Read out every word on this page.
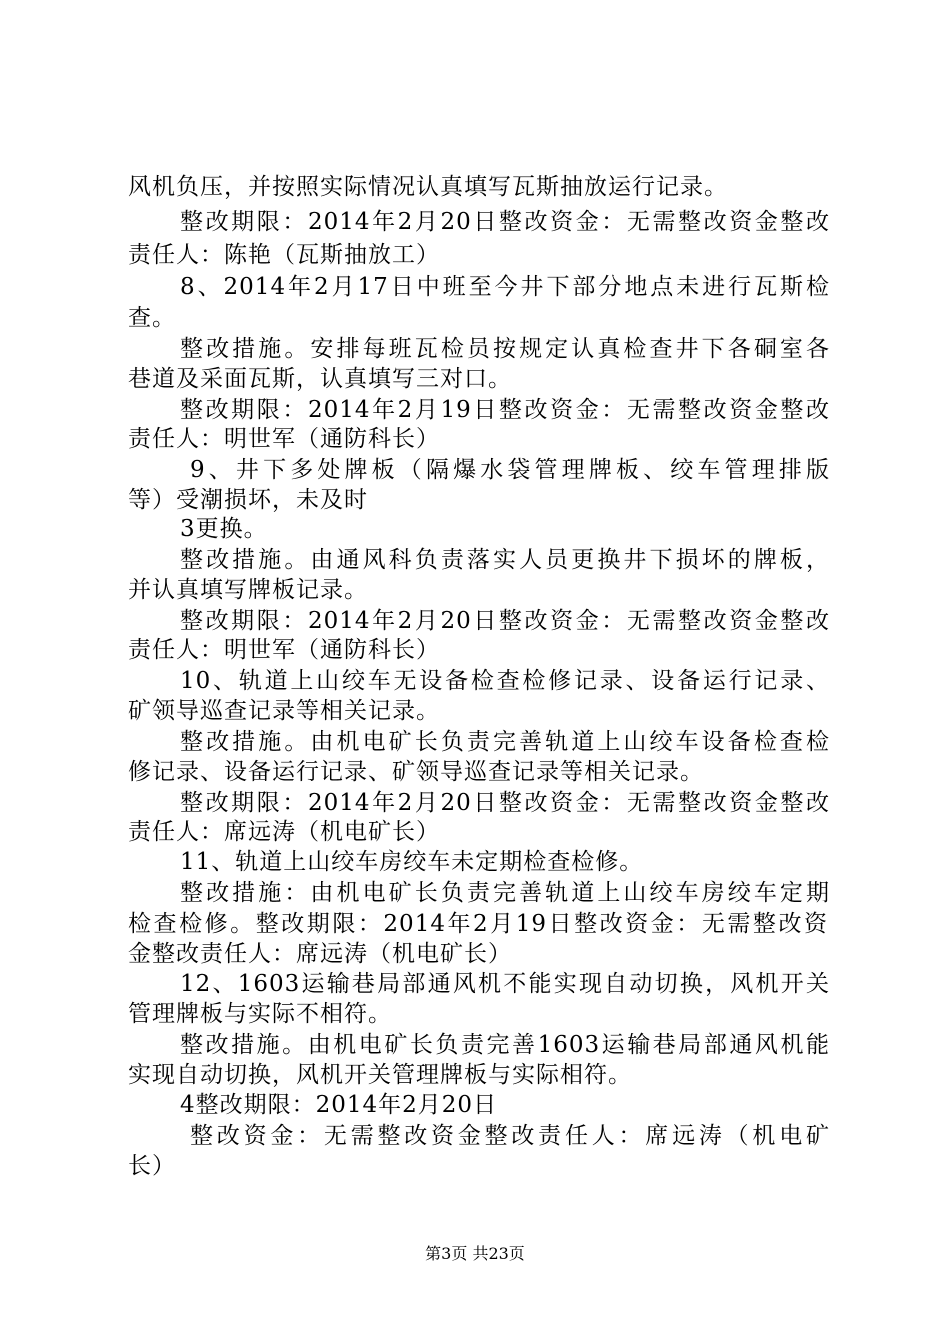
风机负压，并按照实际情况认真填写瓦斯抽放运行记录。
整改期限：2014年2月20日整改资金：无需整改资金整改
责任人：陈艳（瓦斯抽放工）
8、2014年2月17日中班至今井下部分地点未进行瓦斯检
查。
整改措施。安排每班瓦检员按规定认真检查井下各硐室各
巷道及采面瓦斯，认真填写三对口。
整改期限：2014年2月19日整改资金：无需整改资金整改
责任人：明世军（通防科长）
9、井下多处牌板（隔爆水袋管理牌板、绞车管理排版
等）受潮损坏，未及时
3更换。
整改措施。由通风科负责落实人员更换井下损坏的牌板，
并认真填写牌板记录。
整改期限：2014年2月20日整改资金：无需整改资金整改
责任人：明世军（通防科长）
10、轨道上山绞车无设备检查检修记录、设备运行记录、
矿领导巡查记录等相关记录。
整改措施。由机电矿长负责完善轨道上山绞车设备检查检
修记录、设备运行记录、矿领导巡查记录等相关记录。
整改期限：2014年2月20日整改资金：无需整改资金整改
责任人：席远涛（机电矿长）
11、轨道上山绞车房绞车未定期检查检修。
整改措施：由机电矿长负责完善轨道上山绞车房绞车定期
检查检修。整改期限：2014年2月19日整改资金：无需整改资
金整改责任人：席远涛（机电矿长）
12、1603运输巷局部通风机不能实现自动切换，风机开关
管理牌板与实际不相符。
整改措施。由机电矿长负责完善1603运输巷局部通风机能
实现自动切换，风机开关管理牌板与实际相符。
4整改期限：2014年2月20日
整改资金：无需整改资金整改责任人：席远涛（机电矿
长）
第3页 共23页
